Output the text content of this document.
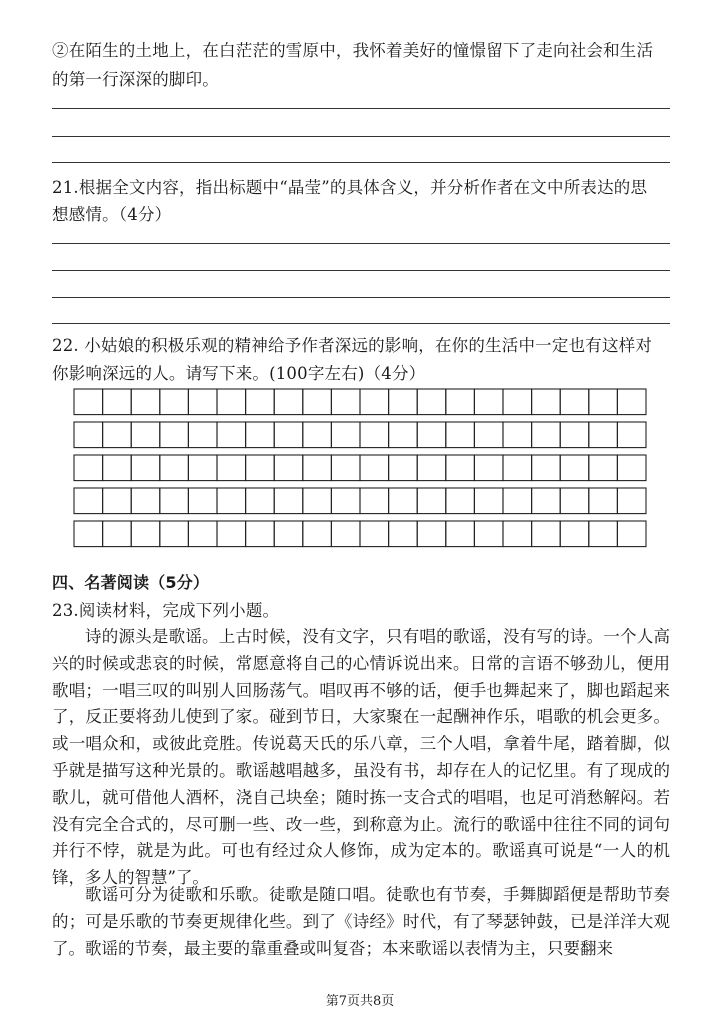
②在陌生的土地上，在白茫茫的雪原中，我怀着美好的憧憬留下了走向社会和生活
的第一行深深的脚印。
21.根据全文内容，指出标题中“晶莹”的具体含义，并分析作者在文中所表达的思
想感情。（4分）
22. 小姑娘的积极乐观的精神给予作者深远的影响，在你的生活中一定也有这样对
你影响深远的人。请写下来。(100字左右)（4分）
四、名著阅读（5分）
23.阅读材料，完成下列小题。
诗的源头是歌谣。上古时候，没有文字，只有唱的歌谣，没有写的诗。一个人高兴的时候或悲哀的时候，常愿意将自己的心情诉说出来。日常的言语不够劲儿，便用歌唱；一唱三叹的叫别人回肠荡气。唱叹再不够的话，便手也舞起来了，脚也蹈起来了，反正要将劲儿使到了家。碰到节日，大家聚在一起酬神作乐，唱歌的机会更多。或一唱众和，或彼此竞胜。传说葛天氏的乐八章，三个人唱，拿着牛尾，踏着脚，似乎就是描写这种光景的。歌谣越唱越多，虽没有书，却存在人的记忆里。有了现成的歌儿，就可借他人酒杯，浇自己块垒；随时拣一支合式的唱唱，也足可消愁解闷。若没有完全合式的，尽可删一些、改一些，到称意为止。流行的歌谣中往往不同的词句并行不悖，就是为此。可也有经过众人修饰，成为定本的。歌谣真可说是“一人的机锋，多人的智慧”了。
歌谣可分为徒歌和乐歌。徒歌是随口唱。徒歌也有节奏，手舞脚蹈便是帮助节奏的；可是乐歌的节奏更规律化些。到了《诗经》时代，有了琴瑟钟鼓，已是洋洋大观了。歌谣的节奏，最主要的靠重叠或叫复沓；本来歌谣以表情为主，只要翻来
第7页共8页
